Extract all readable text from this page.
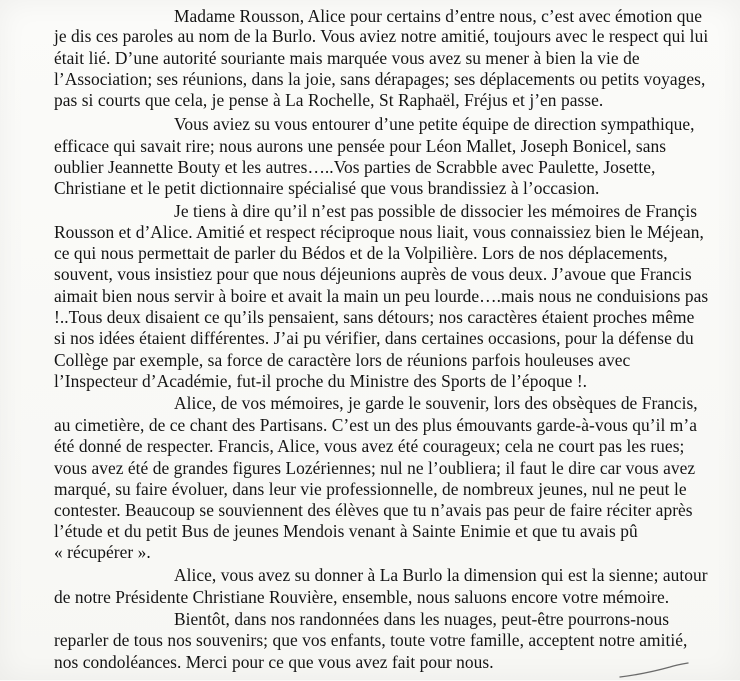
Madame Rousson, Alice pour certains d’entre nous, c’est avec émotion que
je dis ces paroles au nom de la Burlo. Vous aviez notre amitié, toujours avec le respect qui lui
était lié. D’une autorité souriante mais marquée vous avez su mener à bien la vie de
l’Association; ses réunions, dans la joie, sans dérapages; ses déplacements ou petits voyages,
pas si courts que cela, je pense à La Rochelle, St Raphaël, Fréjus et j’en passe.
Vous aviez su vous entourer d’une petite équipe de direction sympathique,
efficace qui savait rire; nous aurons une pensée pour Léon Mallet, Joseph Bonicel, sans
oublier Jeannette Bouty et les autres…..Vos parties de Scrabble avec Paulette, Josette,
Christiane et le petit dictionnaire spécialisé que vous brandissiez à l’occasion.
Je tiens à dire qu’il n’est pas possible de dissocier les mémoires de Françis
Rousson et d’Alice. Amitié et respect réciproque nous liait, vous connaissiez bien le Méjean,
ce qui nous permettait de parler du Bédos et de la Volpilière. Lors de nos déplacements,
souvent, vous insistiez pour que nous déjeunions auprès de vous deux. J’avoue que Francis
aimait bien nous servir à boire et avait la main un peu lourde….mais nous ne conduisions pas
!..Tous deux disaient ce qu’ils pensaient, sans détours; nos caractères étaient proches même
si nos idées étaient différentes. J’ai pu vérifier, dans certaines occasions, pour la défense du
Collège par exemple, sa force de caractère lors de réunions parfois houleuses avec
l’Inspecteur d’Académie, fut-il proche du Ministre des Sports de l’époque !.
Alice, de vos mémoires, je garde le souvenir, lors des obsèques de Francis,
au cimetière, de ce chant des Partisans. C’est un des plus émouvants garde-à-vous qu’il m’a
été donné de respecter. Francis, Alice, vous avez été courageux; cela ne court pas les rues;
vous avez été de grandes figures Lozériennes; nul ne l’oubliera; il faut le dire car vous avez
marqué, su faire évoluer, dans leur vie professionnelle, de nombreux jeunes, nul ne peut le
contester. Beaucoup se souviennent des élèves que tu n’avais pas peur de faire réciter après
l’étude et du petit Bus de jeunes Mendois venant à Sainte Enimie et que tu avais pû
« récupérer ».
Alice, vous avez su donner à La Burlo la dimension qui est la sienne; autour
de notre Présidente Christiane Rouvière, ensemble, nous saluons encore votre mémoire.
Bientôt, dans nos randonnées dans les nuages, peut-être pourrons-nous
reparler de tous nos souvenirs; que vos enfants, toute votre famille, acceptent notre amitié,
nos condoléances. Merci pour ce que vous avez fait pour nous.
